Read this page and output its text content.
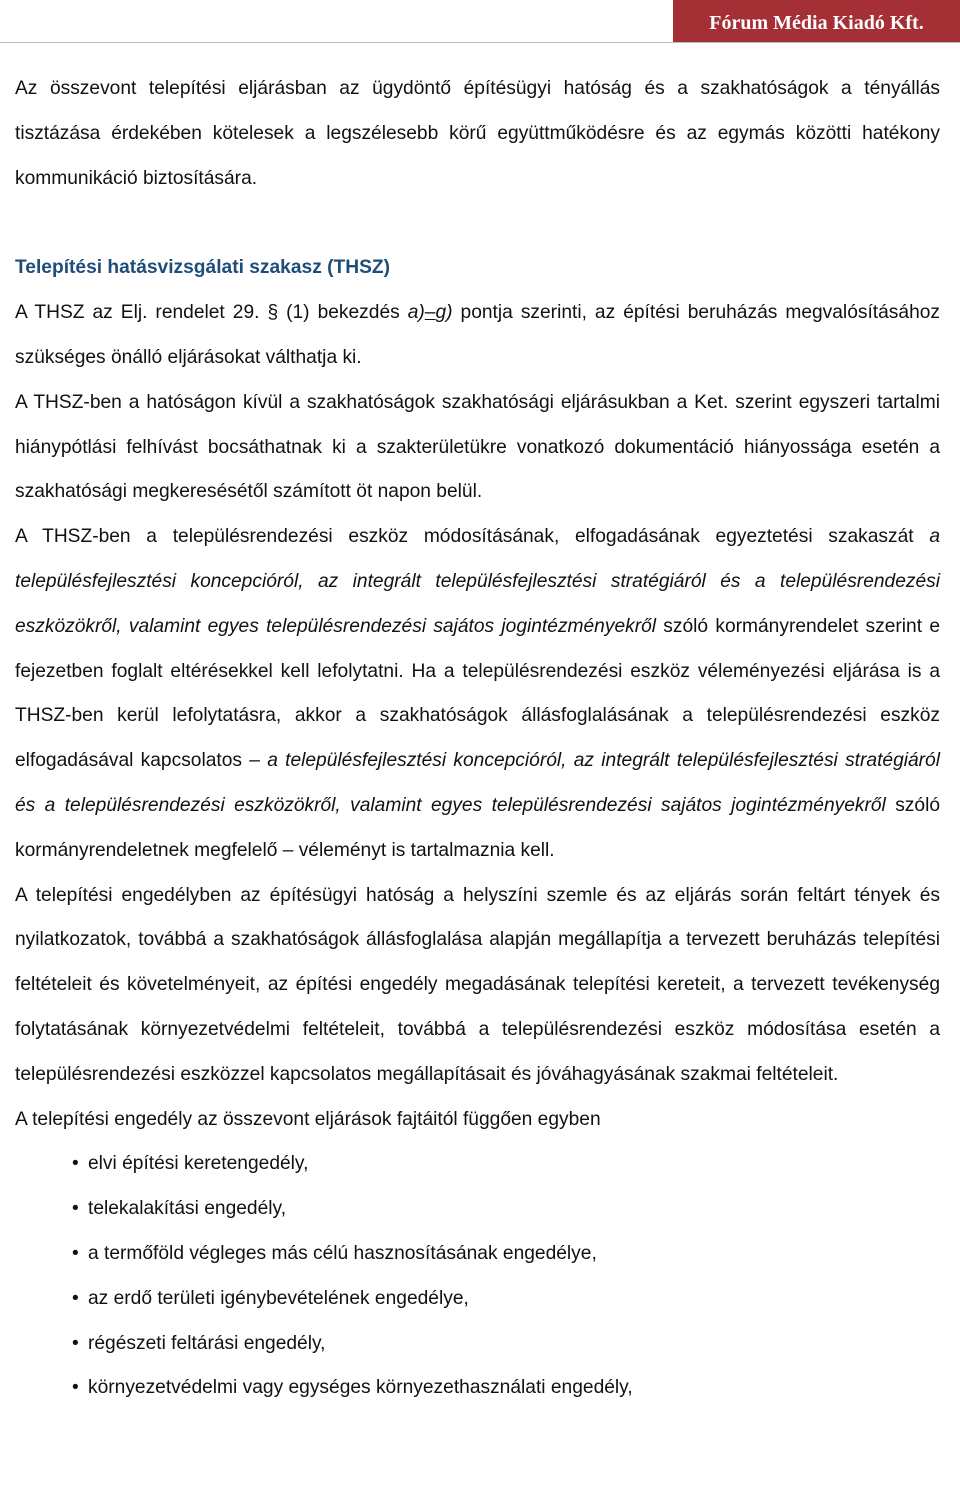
Fórum Média Kiadó Kft.

Az összevont telepítési eljárásban az ügydöntő építésügyi hatóság és a szakhatóságok a tényállás tisztázása érdekében kötelesek a legszélesebb körű együttműködésre és az egymás közötti hatékony kommunikáció biztosítására.

Telepítési hatásvizsgálati szakasz (THSZ)

A THSZ az Elj. rendelet 29. § (1) bekezdés a)–g) pontja szerinti, az építési beruházás megvalósításához szükséges önálló eljárásokat válthatja ki.

A THSZ-ben a hatóságon kívül a szakhatóságok szakhatósági eljárásukban a Ket. szerint egyszeri tartalmi hiánypótlási felhívást bocsáthatnak ki a szakterületükre vonatkozó dokumentáció hiányossága esetén a szakhatósági megkeresésétől számított öt napon belül.

A THSZ-ben a településrendezési eszköz módosításának, elfogadásának egyeztetési szakaszát a településfejlesztési koncepcióról, az integrált településfejlesztési stratégiáról és a településrendezési eszközökről, valamint egyes településrendezési sajátos jogintézményekről szóló kormányrendelet szerint e fejezetben foglalt eltérésekkel kell lefolytatni. Ha a településrendezési eszköz véleményezési eljárása is a THSZ-ben kerül lefolytatásra, akkor a szakhatóságok állásfoglalásának a településrendezési eszköz elfogadásával kapcsolatos – a településfejlesztési koncepcióról, az integrált településfejlesztési stratégiáról és a településrendezési eszközökről, valamint egyes településrendezési sajátos jogintézményekről szóló kormányrendeletnek megfelelő – véleményt is tartalmaznia kell.

A telepítési engedélyben az építésügyi hatóság a helyszíni szemle és az eljárás során feltárt tények és nyilatkozatok, továbbá a szakhatóságok állásfoglalása alapján megállapítja a tervezett beruházás telepítési feltételeit és követelményeit, az építési engedély megadásának telepítési kereteit, a tervezett tevékenység folytatásának környezetvédelmi feltételeit, továbbá a településrendezési eszköz módosítása esetén a településrendezési eszközzel kapcsolatos megállapításait és jóváhagyásának szakmai feltételeit.

A telepítési engedély az összevont eljárások fajtáitól függően egyben

• elvi építési keretengedély,
• telekalakítási engedély,
• a termőföld végleges más célú hasznosításának engedélye,
• az erdő területi igénybevételének engedélye,
• régészeti feltárási engedély,
• környezetvédelmi vagy egységes környezethasználati engedély,
